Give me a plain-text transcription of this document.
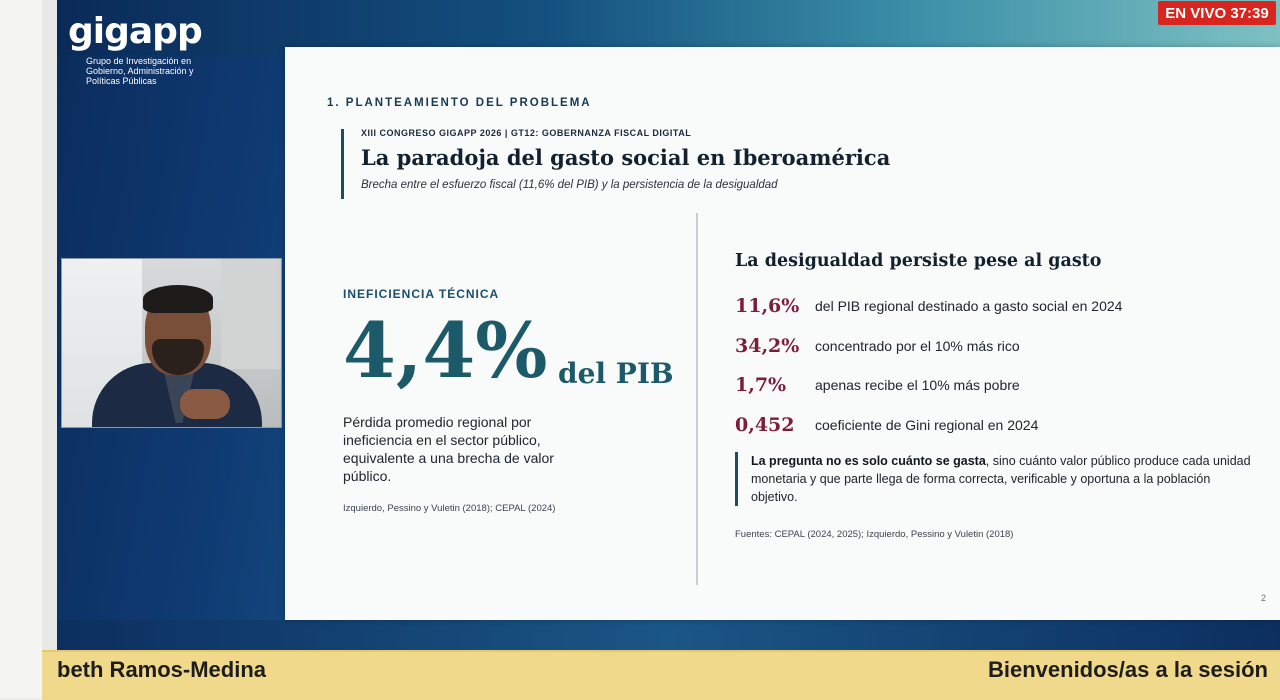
gigapp
Grupo de Investigación en Gobierno, Administración y Políticas Públicas
EN VIVO 37:39
1. PLANTEAMIENTO DEL PROBLEMA
XIII CONGRESO GIGAPP 2026 | GT12: GOBERNANZA FISCAL DIGITAL
La paradoja del gasto social en Iberoamérica
Brecha entre el esfuerzo fiscal (11,6% del PIB) y la persistencia de la desigualdad
INEFICIENCIA TÉCNICA
4,4% del PIB
Pérdida promedio regional por ineficiencia en el sector público, equivalente a una brecha de valor público.
Izquierdo, Pessino y Vuletin (2018); CEPAL (2024)
La desigualdad persiste pese al gasto
11,6%	del PIB regional destinado a gasto social en 2024
34,2%	concentrado por el 10% más rico
1,7%	apenas recibe el 10% más pobre
0,452	coeficiente de Gini regional en 2024
La pregunta no es solo cuánto se gasta, sino cuánto valor público produce cada unidad monetaria y que parte llega de forma correcta, verificable y oportuna a la población objetivo.
Fuentes: CEPAL (2024, 2025); Izquierdo, Pessino y Vuletin (2018)
2
beth Ramos-Medina	Bienvenidos/as a la sesión
